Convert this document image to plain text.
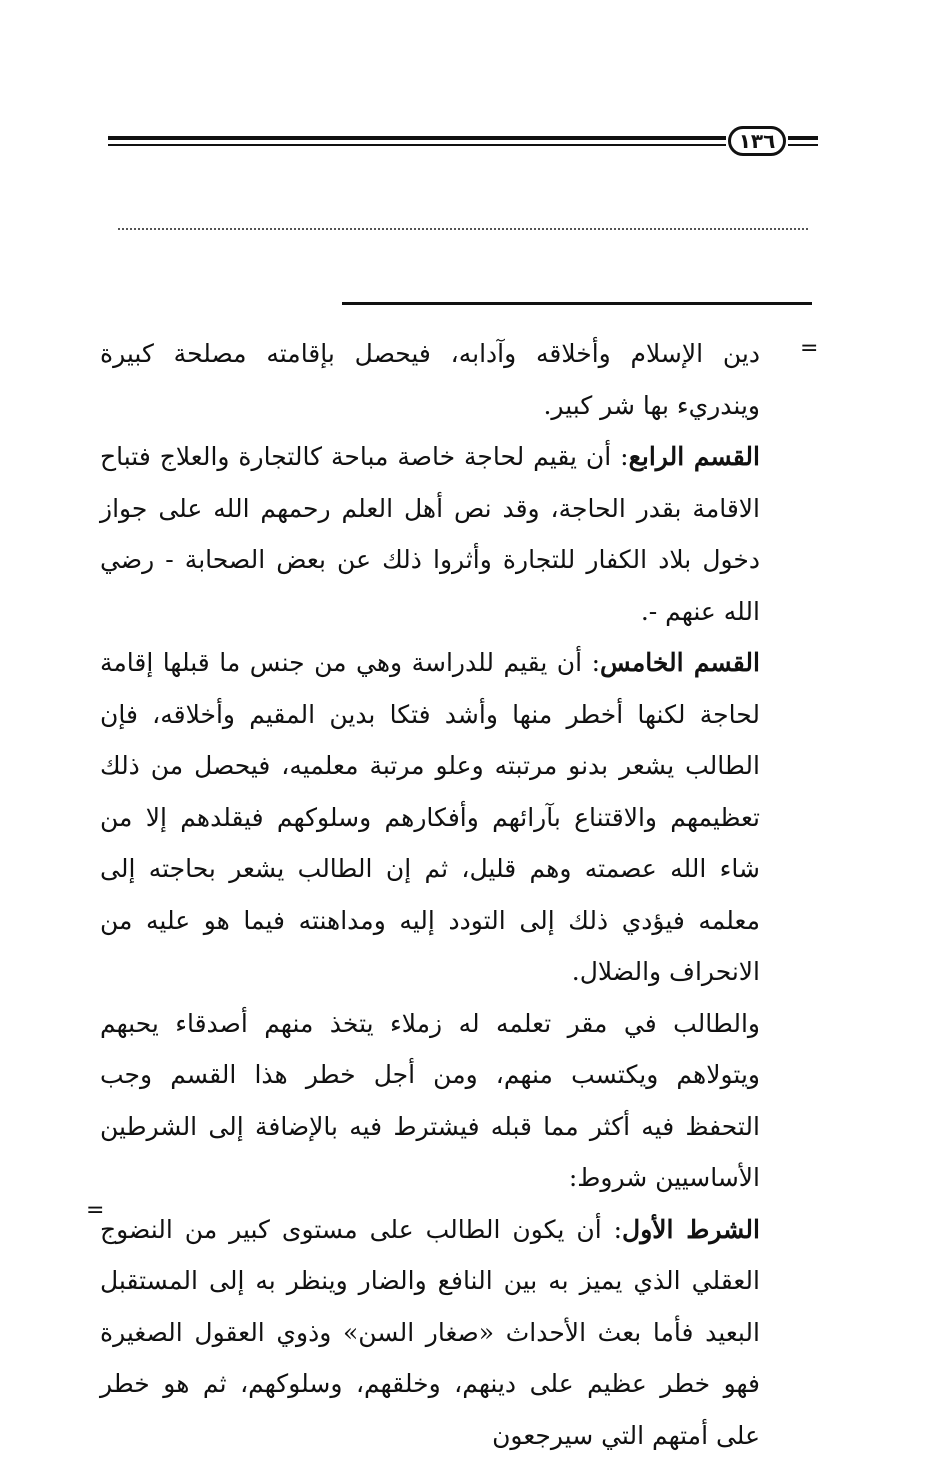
١٣٦
=

دين الإسلام وأخلاقه وآدابه، فيحصل بإقامته مصلحة كبيرة ويندريء بها شر كبير.

القسم الرابع: أن يقيم لحاجة خاصة مباحة كالتجارة والعلاج فتباح الاقامة بقدر الحاجة، وقد نص أهل العلم رحمهم الله على جواز دخول بلاد الكفار للتجارة وأثروا ذلك عن بعض الصحابة - رضي الله عنهم -.

القسم الخامس: أن يقيم للدراسة وهي من جنس ما قبلها إقامة لحاجة لكنها أخطر منها وأشد فتكا بدين المقيم وأخلاقه، فإن الطالب يشعر بدنو مرتبته وعلو مرتبة معلميه، فيحصل من ذلك تعظيمهم والاقتناع بآرائهم وأفكارهم وسلوكهم فيقلدهم إلا من شاء الله عصمته وهم قليل، ثم إن الطالب يشعر بحاجته إلى معلمه فيؤدي ذلك إلى التودد إليه ومداهنته فيما هو عليه من الانحراف والضلال.

والطالب في مقر تعلمه له زملاء يتخذ منهم أصدقاء يحبهم ويتولاهم ويكتسب منهم، ومن أجل خطر هذا القسم وجب التحفظ فيه أكثر مما قبله فيشترط فيه بالإضافة إلى الشرطين الأساسيين شروط:

الشرط الأول: أن يكون الطالب على مستوى كبير من النضوج العقلي الذي يميز به بين النافع والضار وينظر به إلى المستقبل البعيد فأما بعث الأحداث «صغار السن» وذوي العقول الصغيرة فهو خطر عظيم على دينهم، وخلقهم، وسلوكهم، ثم هو خطر على أمتهم التي سيرجعون

=
